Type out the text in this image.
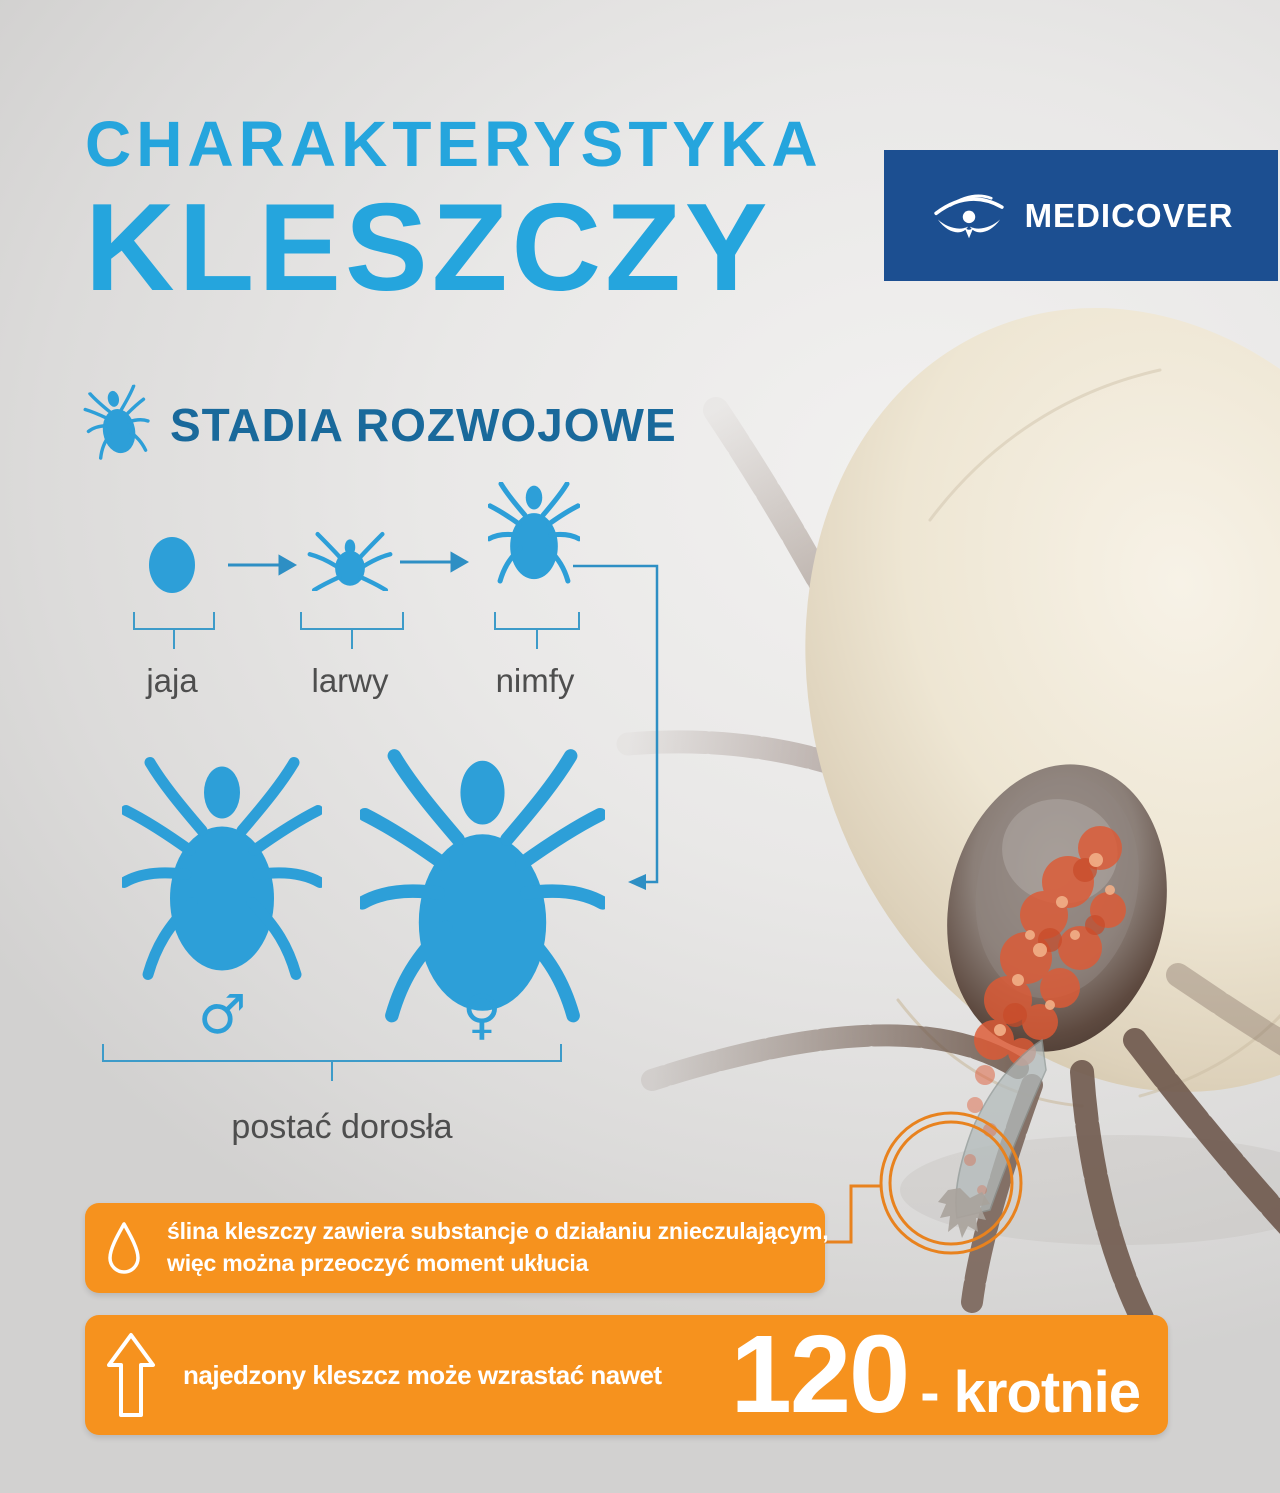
CHARAKTERYSTYKA
KLESZCZY	MEDICOVER
STADIA ROZWOJOWE
jaja	larwy	nimfy
♂	♀
postać dorosła
ślina kleszczy zawiera substancje o działaniu znieczulającym,
więc można przeoczyć moment ukłucia
najedzony kleszcz może wzrastać nawet 120 - krotnie
